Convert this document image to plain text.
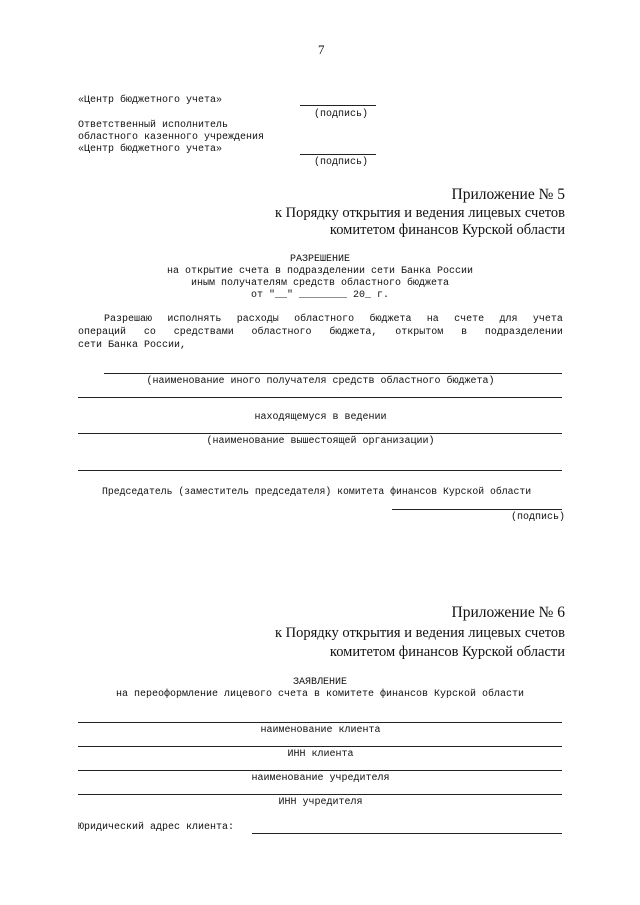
7
«Центр бюджетного учета»
(подпись)
Ответственный исполнитель
областного казенного учреждения
«Центр бюджетного учета»
(подпись)
Приложение № 5
к Порядку открытия и ведения лицевых счетов
комитетом финансов Курской области
РАЗРЕШЕНИЕ
на открытие счета в подразделении сети Банка России
иным получателям средств областного бюджета
от "__" ________ 20_ г.
Разрешаю исполнять расходы областного бюджета на счете для учета
операций со средствами областного бюджета, открытом в подразделении
сети Банка России,
(наименование иного получателя средств областного бюджета)
находящемуся в ведении
(наименование вышестоящей организации)
Председатель (заместитель председателя) комитета финансов Курской области
(подпись)
Приложение № 6
к Порядку открытия и ведения лицевых счетов
комитетом финансов Курской области
ЗАЯВЛЕНИЕ
на переоформление лицевого счета в комитете финансов Курской области
наименование клиента
ИНН клиента
наименование учредителя
ИНН учредителя
Юридический адрес клиента:
